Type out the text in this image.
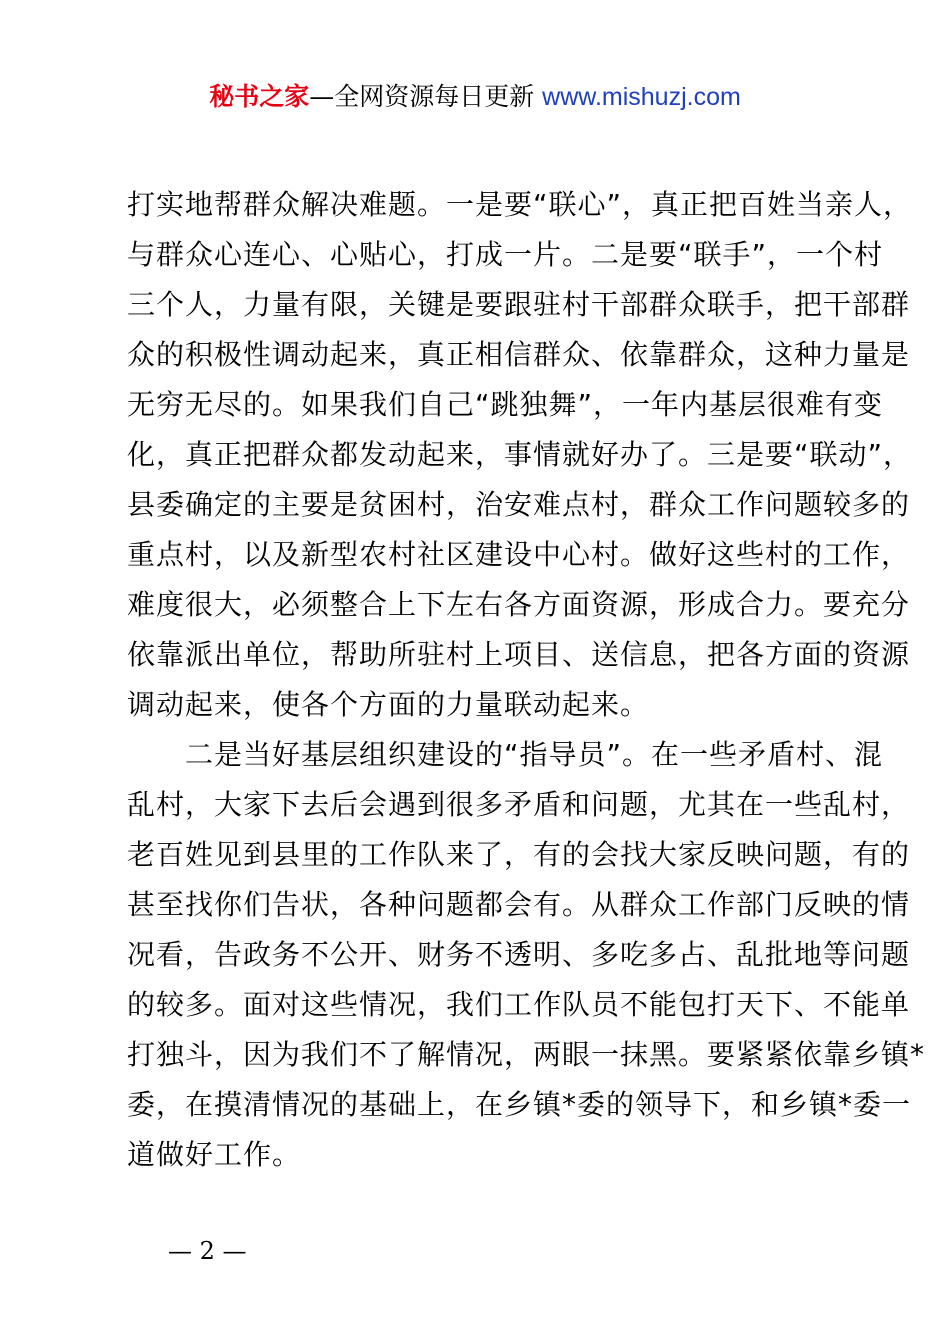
秘书之家—全网资源每日更新 www.mishuzj.com
打实地帮群众解决难题。一是要“联心”，真正把百姓当亲人，
与群众心连心、心贴心，打成一片。二是要“联手”，一个村
三个人，力量有限，关键是要跟驻村干部群众联手，把干部群
众的积极性调动起来，真正相信群众、依靠群众，这种力量是
无穷无尽的。如果我们自己“跳独舞”，一年内基层很难有变
化，真正把群众都发动起来，事情就好办了。三是要“联动”，
县委确定的主要是贫困村，治安难点村，群众工作问题较多的
重点村，以及新型农村社区建设中心村。做好这些村的工作，
难度很大，必须整合上下左右各方面资源，形成合力。要充分
依靠派出单位，帮助所驻村上项目、送信息，把各方面的资源
调动起来，使各个方面的力量联动起来。
　　二是当好基层组织建设的“指导员”。在一些矛盾村、混
乱村，大家下去后会遇到很多矛盾和问题，尤其在一些乱村，
老百姓见到县里的工作队来了，有的会找大家反映问题，有的
甚至找你们告状，各种问题都会有。从群众工作部门反映的情
况看，告政务不公开、财务不透明、多吃多占、乱批地等问题
的较多。面对这些情况，我们工作队员不能包打天下、不能单
打独斗，因为我们不了解情况，两眼一抹黑。要紧紧依靠乡镇*
委，在摸清情况的基础上，在乡镇*委的领导下，和乡镇*委一
道做好工作。
— 2 —
